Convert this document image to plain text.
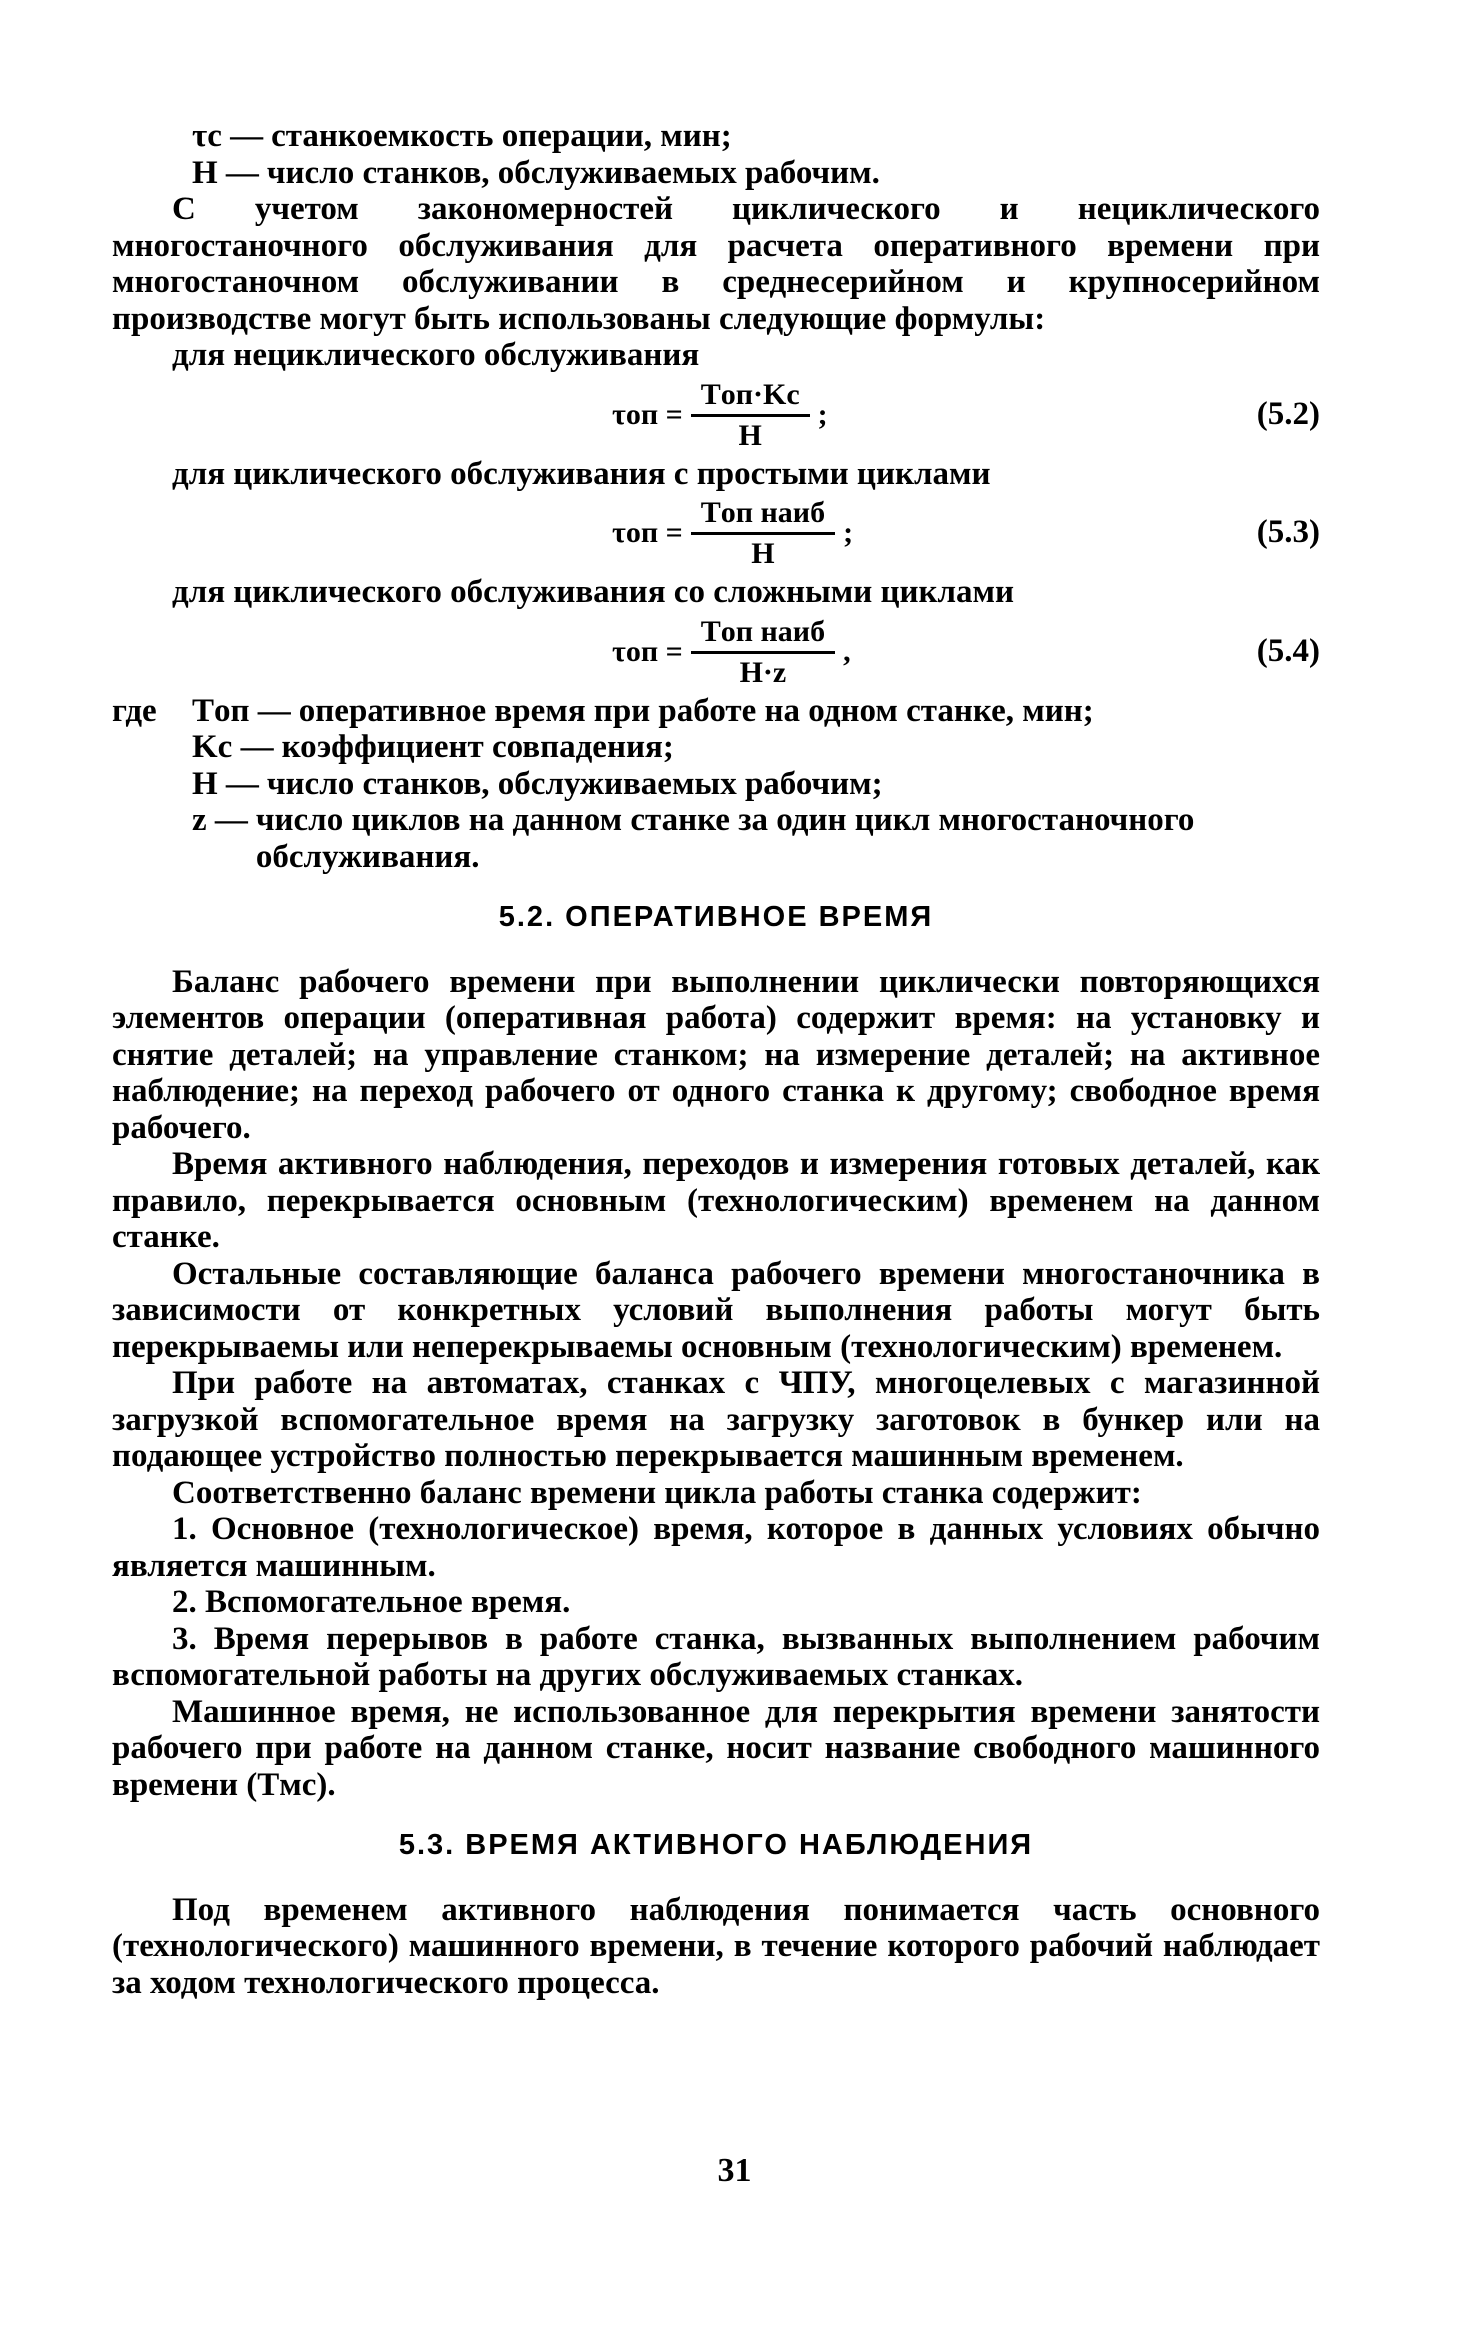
τс — станкоемкость операции, мин;
Н — число станков, обслуживаемых рабочим.

С учетом закономерностей циклического и нециклического многостаночного обслуживания для расчета оперативного времени при многостаночном обслуживании в среднесерийном и крупносерийном производстве могут быть использованы следующие формулы:

для нециклического обслуживания

$\tau оп = \frac{\text{Tоп·Kс}}{Н}$ ;	(5.2)

для циклического обслуживания с простыми циклами

$\tau оп = \frac{\text{Tоп наиб}}{Н}$ ;	(5.3)

для циклического обслуживания со сложными циклами

$\tau оп = \frac{\text{Tоп наиб}}{Н\cdot z}$ ,	(5.4)
где	Tоп — оперативное время при работе на одном станке, мин;
Kс — коэффициент совпадения;
Н — число станков, обслуживаемых рабочим;
z — число циклов на данном станке за один цикл многостаночного обслуживания.
5.2. ОПЕРАТИВНОЕ ВРЕМЯ

Баланс рабочего времени при выполнении циклически повторяющихся элементов операции (оперативная работа) содержит время: на установку и снятие деталей; на управление станком; на измерение деталей; на активное наблюдение; на переход рабочего от одного станка к другому; свободное время рабочего.

Время активного наблюдения, переходов и измерения готовых деталей, как правило, перекрывается основным (технологическим) временем на данном станке.

Остальные составляющие баланса рабочего времени многостаночника в зависимости от конкретных условий выполнения работы могут быть перекрываемы или неперекрываемы основным (технологическим) временем.

При работе на автоматах, станках с ЧПУ, многоцелевых с магазинной загрузкой вспомогательное время на загрузку заготовок в бункер или на подающее устройство полностью перекрывается машинным временем.

Соответственно баланс времени цикла работы станка содержит:

1. Основное (технологическое) время, которое в данных условиях обычно является машинным.

2. Вспомогательное время.

3. Время перерывов в работе станка, вызванных выполнением рабочим вспомогательной работы на других обслуживаемых станках.

Машинное время, не использованное для перекрытия времени занятости рабочего при работе на данном станке, носит название свободного машинного времени (Tмс).

5.3. ВРЕМЯ АКТИВНОГО НАБЛЮДЕНИЯ

Под временем активного наблюдения понимается часть основного (технологического) машинного времени, в течение которого рабочий наблюдает за ходом технологического процесса.

31
